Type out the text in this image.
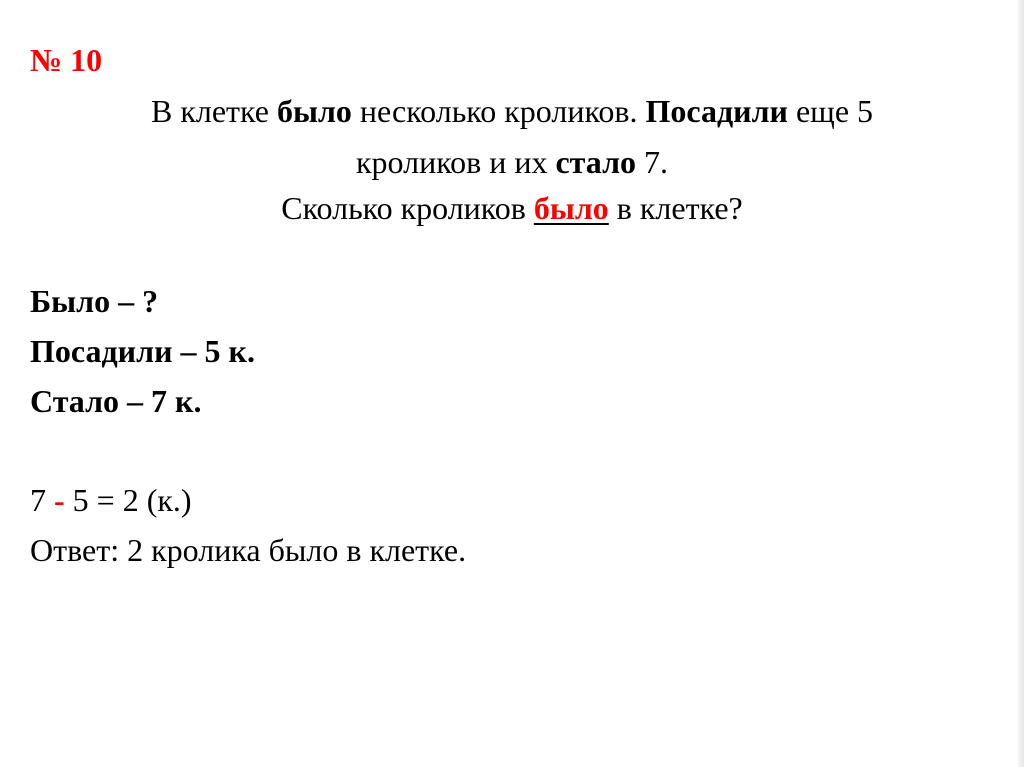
№ 10
В клетке было несколько кроликов. Посадили еще 5
кроликов и их стало 7.
Сколько кроликов было в клетке?
Было – ?
Посадили – 5 к.
Стало – 7 к.
7 - 5 = 2 (к.)
Ответ: 2 кролика было в клетке.
